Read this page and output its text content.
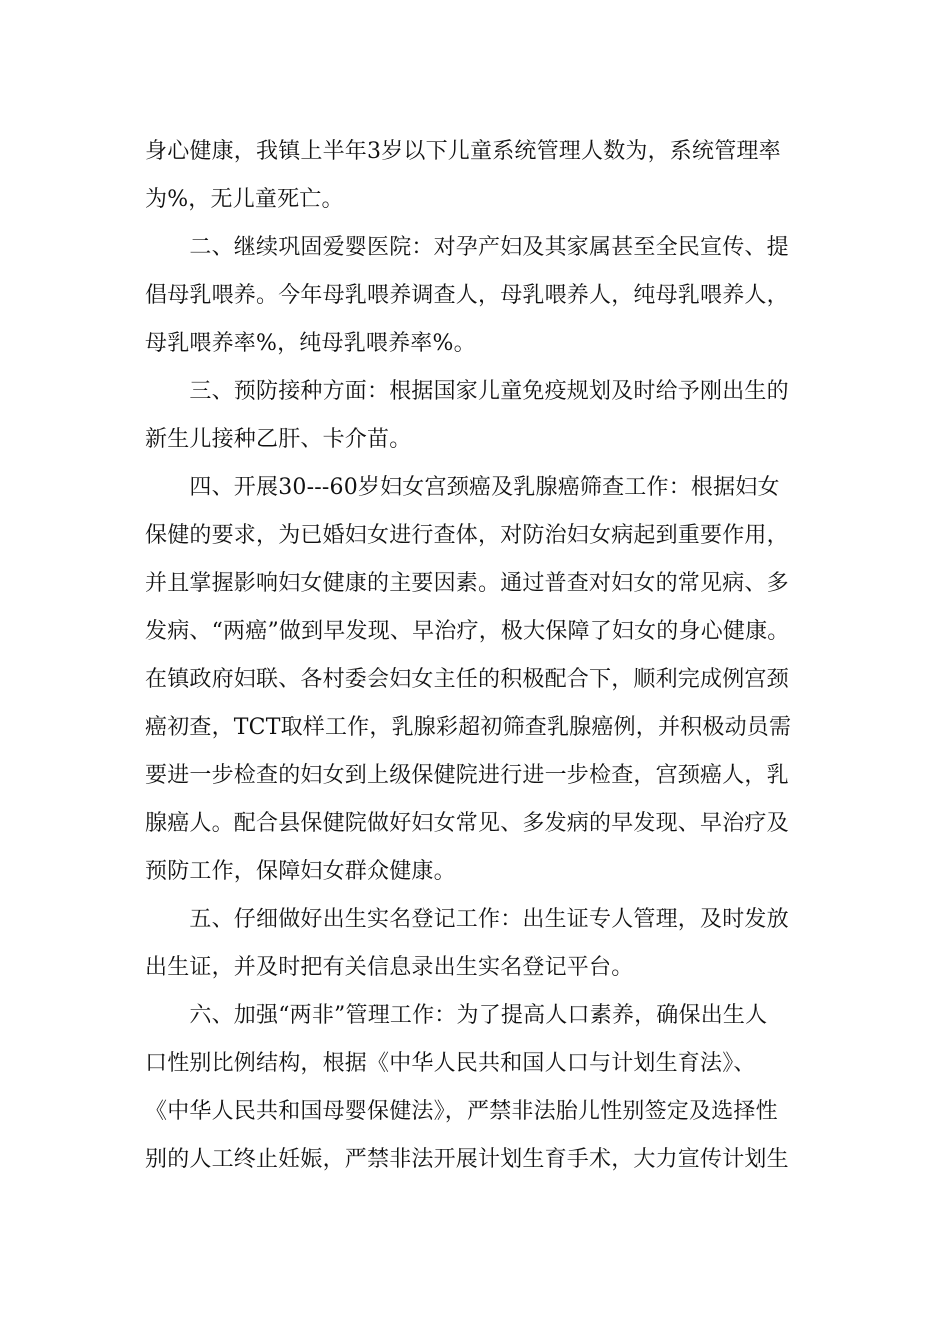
身心健康，我镇上半年3岁以下儿童系统管理人数为，系统管理率
为%，无儿童死亡。
　　二、继续巩固爱婴医院：对孕产妇及其家属甚至全民宣传、提
倡母乳喂养。今年母乳喂养调查人，母乳喂养人，纯母乳喂养人，
母乳喂养率%，纯母乳喂养率%。
　　三、预防接种方面：根据国家儿童免疫规划及时给予刚出生的
新生儿接种乙肝、卡介苗。
　　四、开展30---60岁妇女宫颈癌及乳腺癌筛查工作：根据妇女
保健的要求，为已婚妇女进行查体，对防治妇女病起到重要作用，
并且掌握影响妇女健康的主要因素。通过普查对妇女的常见病、多
发病、“两癌”做到早发现、早治疗，极大保障了妇女的身心健康。
在镇政府妇联、各村委会妇女主任的积极配合下，顺利完成例宫颈
癌初查，TCT取样工作，乳腺彩超初筛查乳腺癌例，并积极动员需
要进一步检查的妇女到上级保健院进行进一步检查，宫颈癌人，乳
腺癌人。配合县保健院做好妇女常见、多发病的早发现、早治疗及
预防工作，保障妇女群众健康。
　　五、仔细做好出生实名登记工作：出生证专人管理，及时发放
出生证，并及时把有关信息录出生实名登记平台。
　　六、加强“两非”管理工作：为了提高人口素养，确保出生人
口性别比例结构，根据《中华人民共和国人口与计划生育法》、
《中华人民共和国母婴保健法》，严禁非法胎儿性别签定及选择性
别的人工终止妊娠，严禁非法开展计划生育手术，大力宣传计划生
